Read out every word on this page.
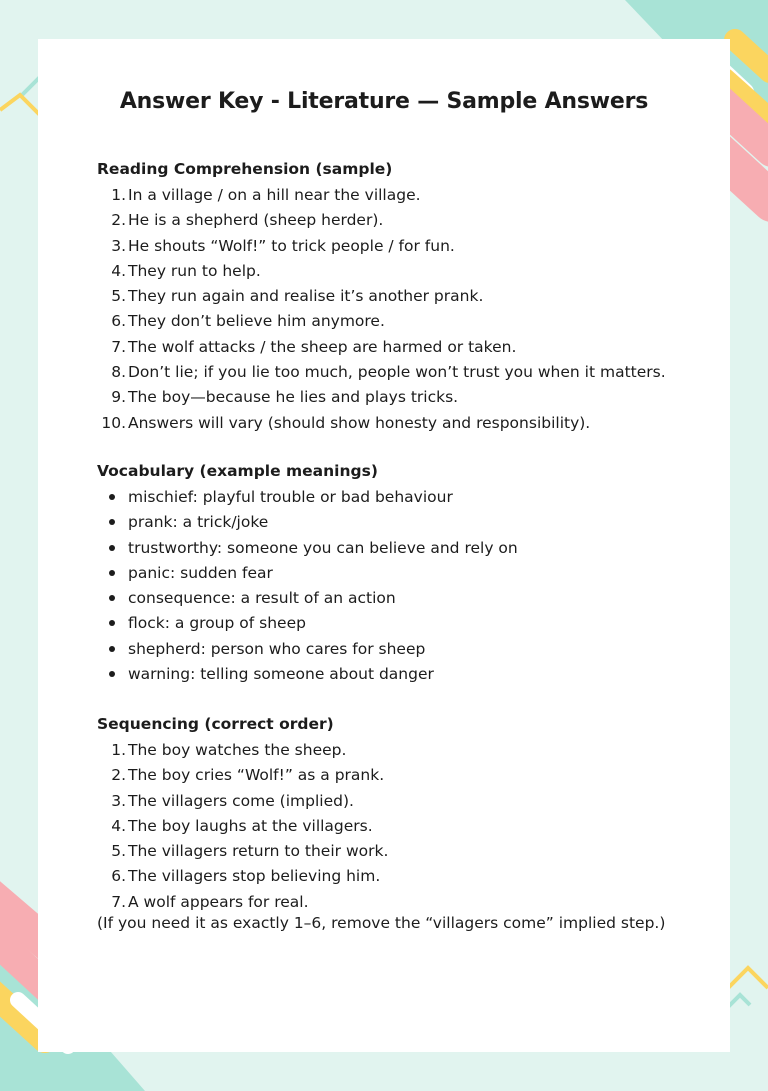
Answer Key - Literature — Sample Answers
Reading Comprehension (sample)
1. In a village / on a hill near the village.
2. He is a shepherd (sheep herder).
3. He shouts “Wolf!” to trick people / for fun.
4. They run to help.
5. They run again and realise it’s another prank.
6. They don’t believe him anymore.
7. The wolf attacks / the sheep are harmed or taken.
8. Don’t lie; if you lie too much, people won’t trust you when it matters.
9. The boy—because he lies and plays tricks.
10. Answers will vary (should show honesty and responsibility).
Vocabulary (example meanings)
mischief: playful trouble or bad behaviour
prank: a trick/joke
trustworthy: someone you can believe and rely on
panic: sudden fear
consequence: a result of an action
flock: a group of sheep
shepherd: person who cares for sheep
warning: telling someone about danger
Sequencing (correct order)
1. The boy watches the sheep.
2. The boy cries “Wolf!” as a prank.
3. The villagers come (implied).
4. The boy laughs at the villagers.
5. The villagers return to their work.
6. The villagers stop believing him.
7. A wolf appears for real.

(If you need it as exactly 1–6, remove the “villagers come” implied step.)
